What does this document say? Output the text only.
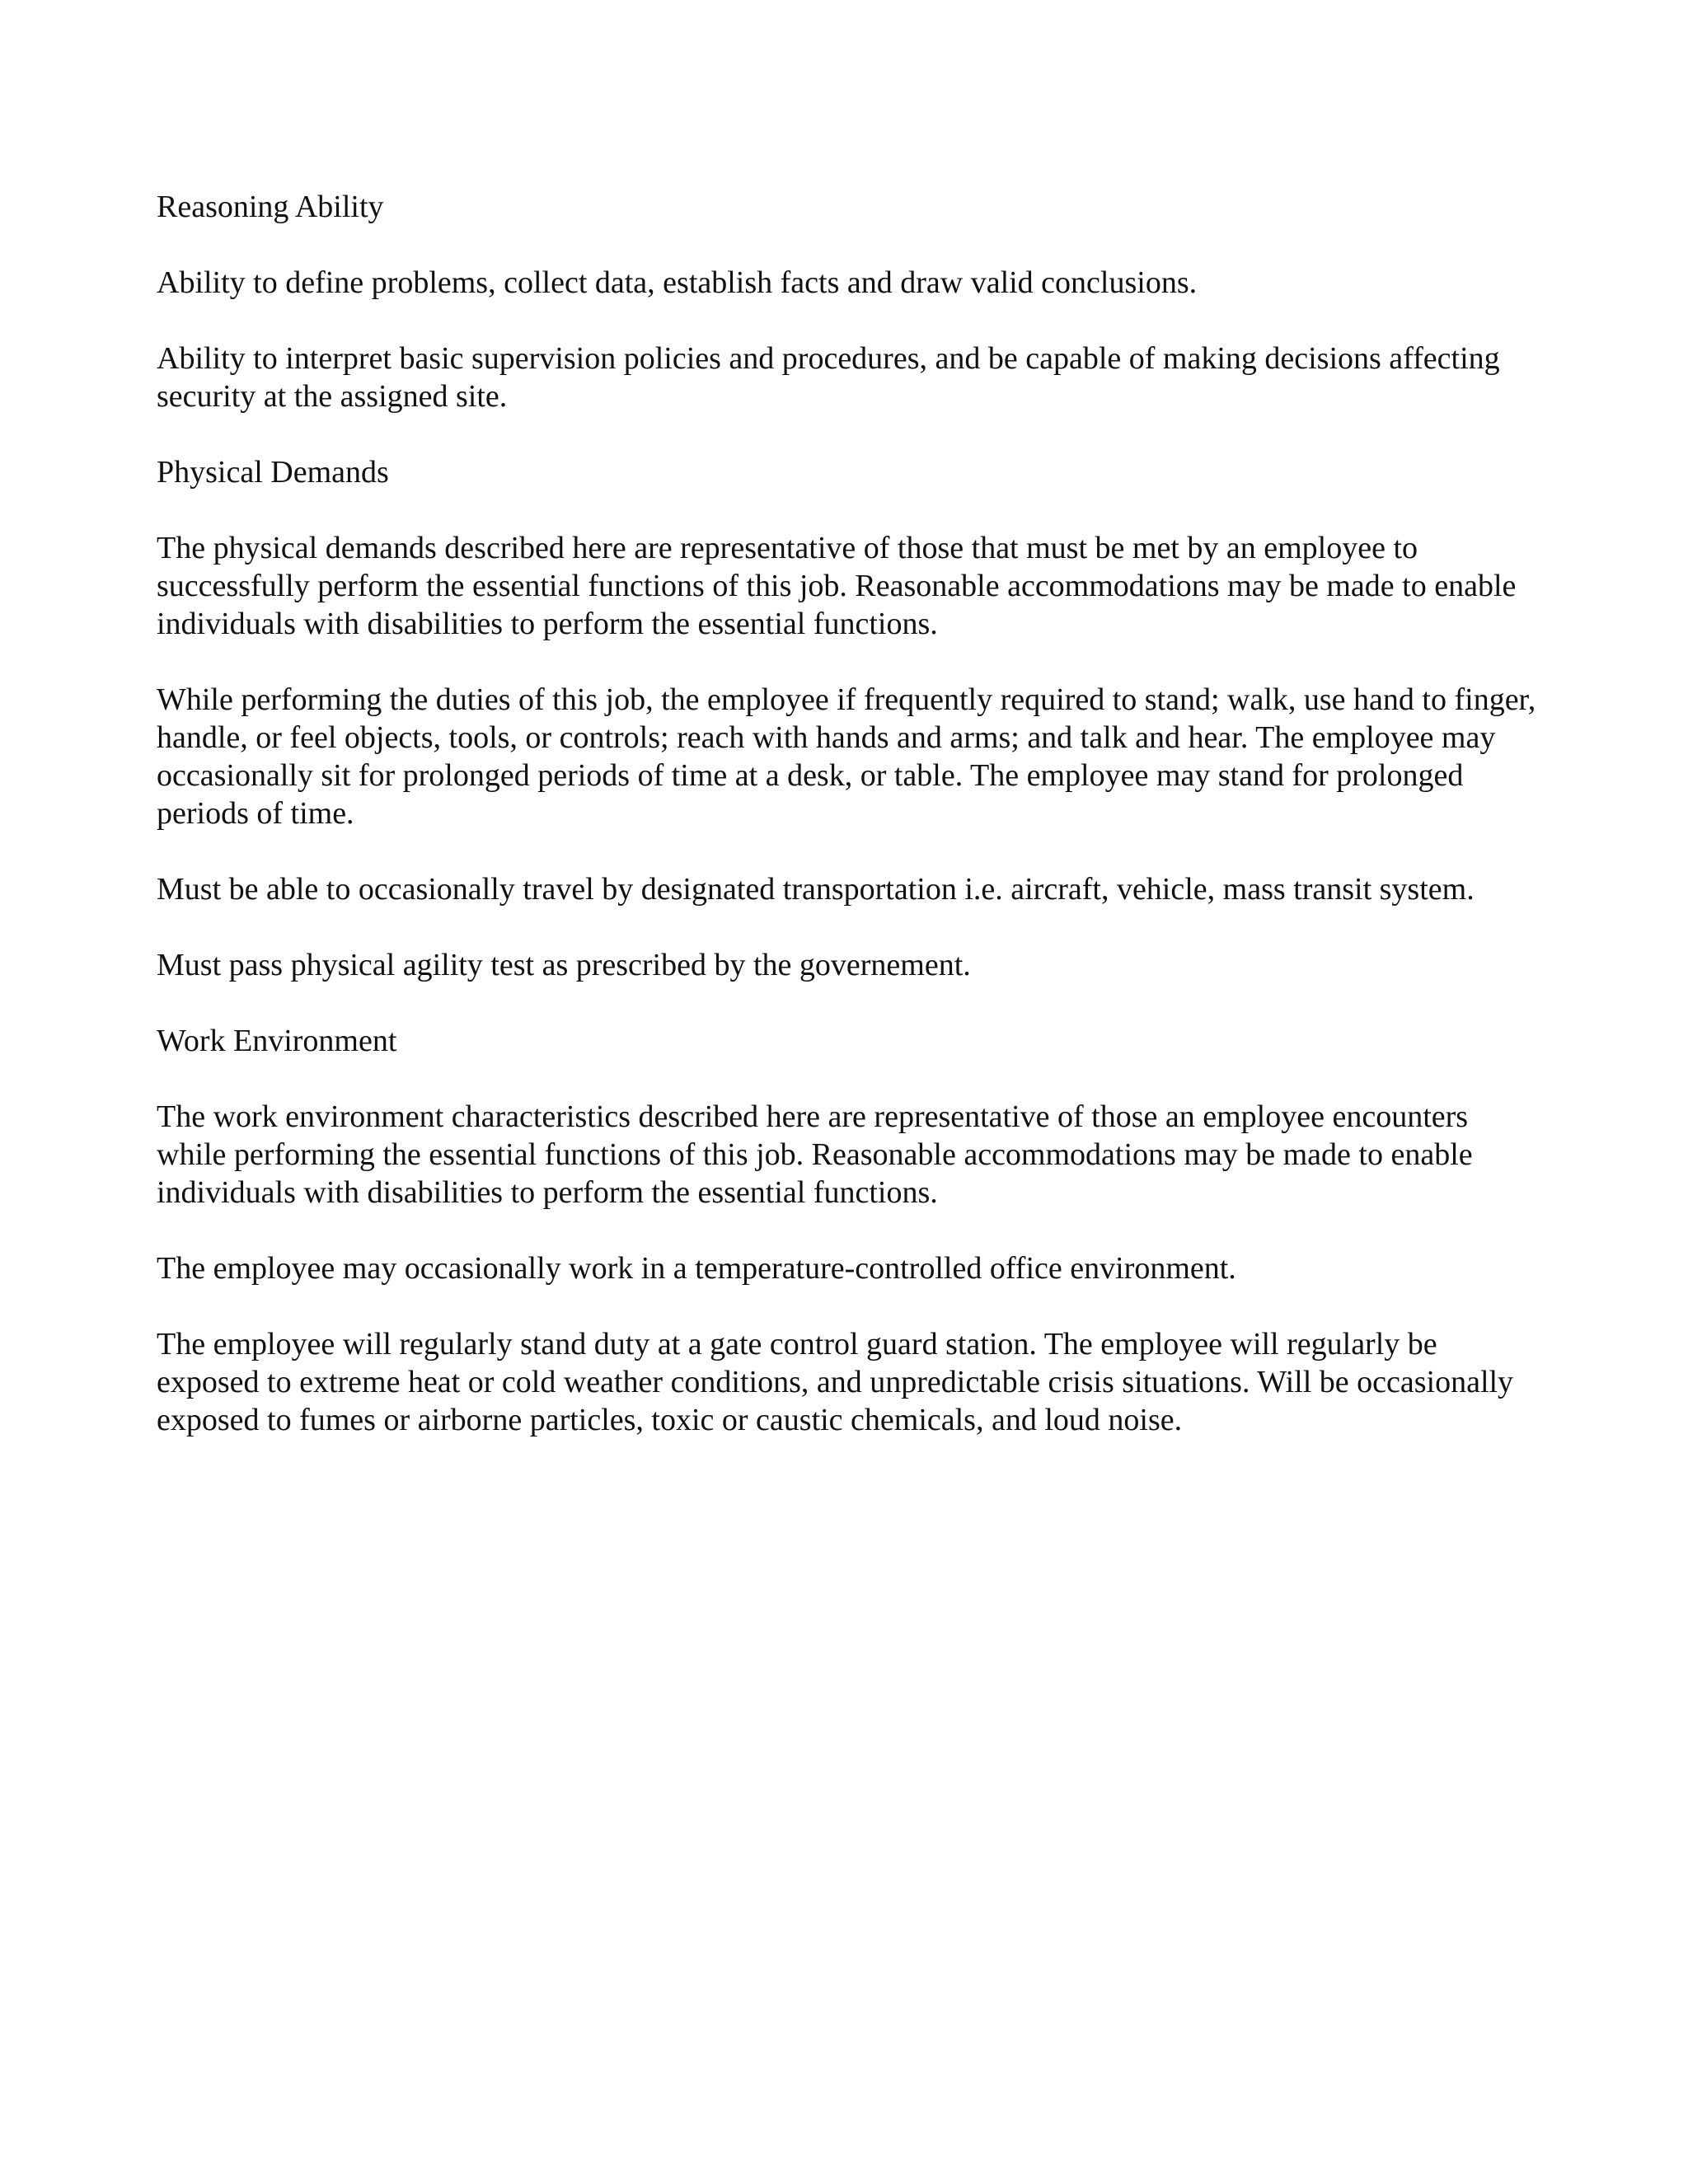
Reasoning Ability
Ability to define problems, collect data, establish facts and draw valid conclusions.
Ability to interpret basic supervision policies and procedures, and be capable of making decisions affecting security at the assigned site.
Physical Demands
The physical demands described here are representative of those that must be met by an employee to successfully perform the essential functions of this job. Reasonable accommodations may be made to enable individuals with disabilities to perform the essential functions.
While performing the duties of this job, the employee if frequently required to stand; walk, use hand to finger, handle, or feel objects, tools, or controls; reach with hands and arms; and talk and hear. The employee may occasionally sit for prolonged periods of time at a desk, or table. The employee may stand for prolonged periods of time.
Must be able to occasionally travel by designated transportation i.e. aircraft, vehicle, mass transit system.
Must pass physical agility test as prescribed by the governement.
Work Environment
The work environment characteristics described here are representative of those an employee encounters while performing the essential functions of this job. Reasonable accommodations may be made to enable individuals with disabilities to perform the essential functions.
The employee may occasionally work in a temperature-controlled office environment.
The employee will regularly stand duty at a gate control guard station. The employee will regularly be exposed to extreme heat or cold weather conditions, and unpredictable crisis situations. Will be occasionally exposed to fumes or airborne particles, toxic or caustic chemicals, and loud noise.
